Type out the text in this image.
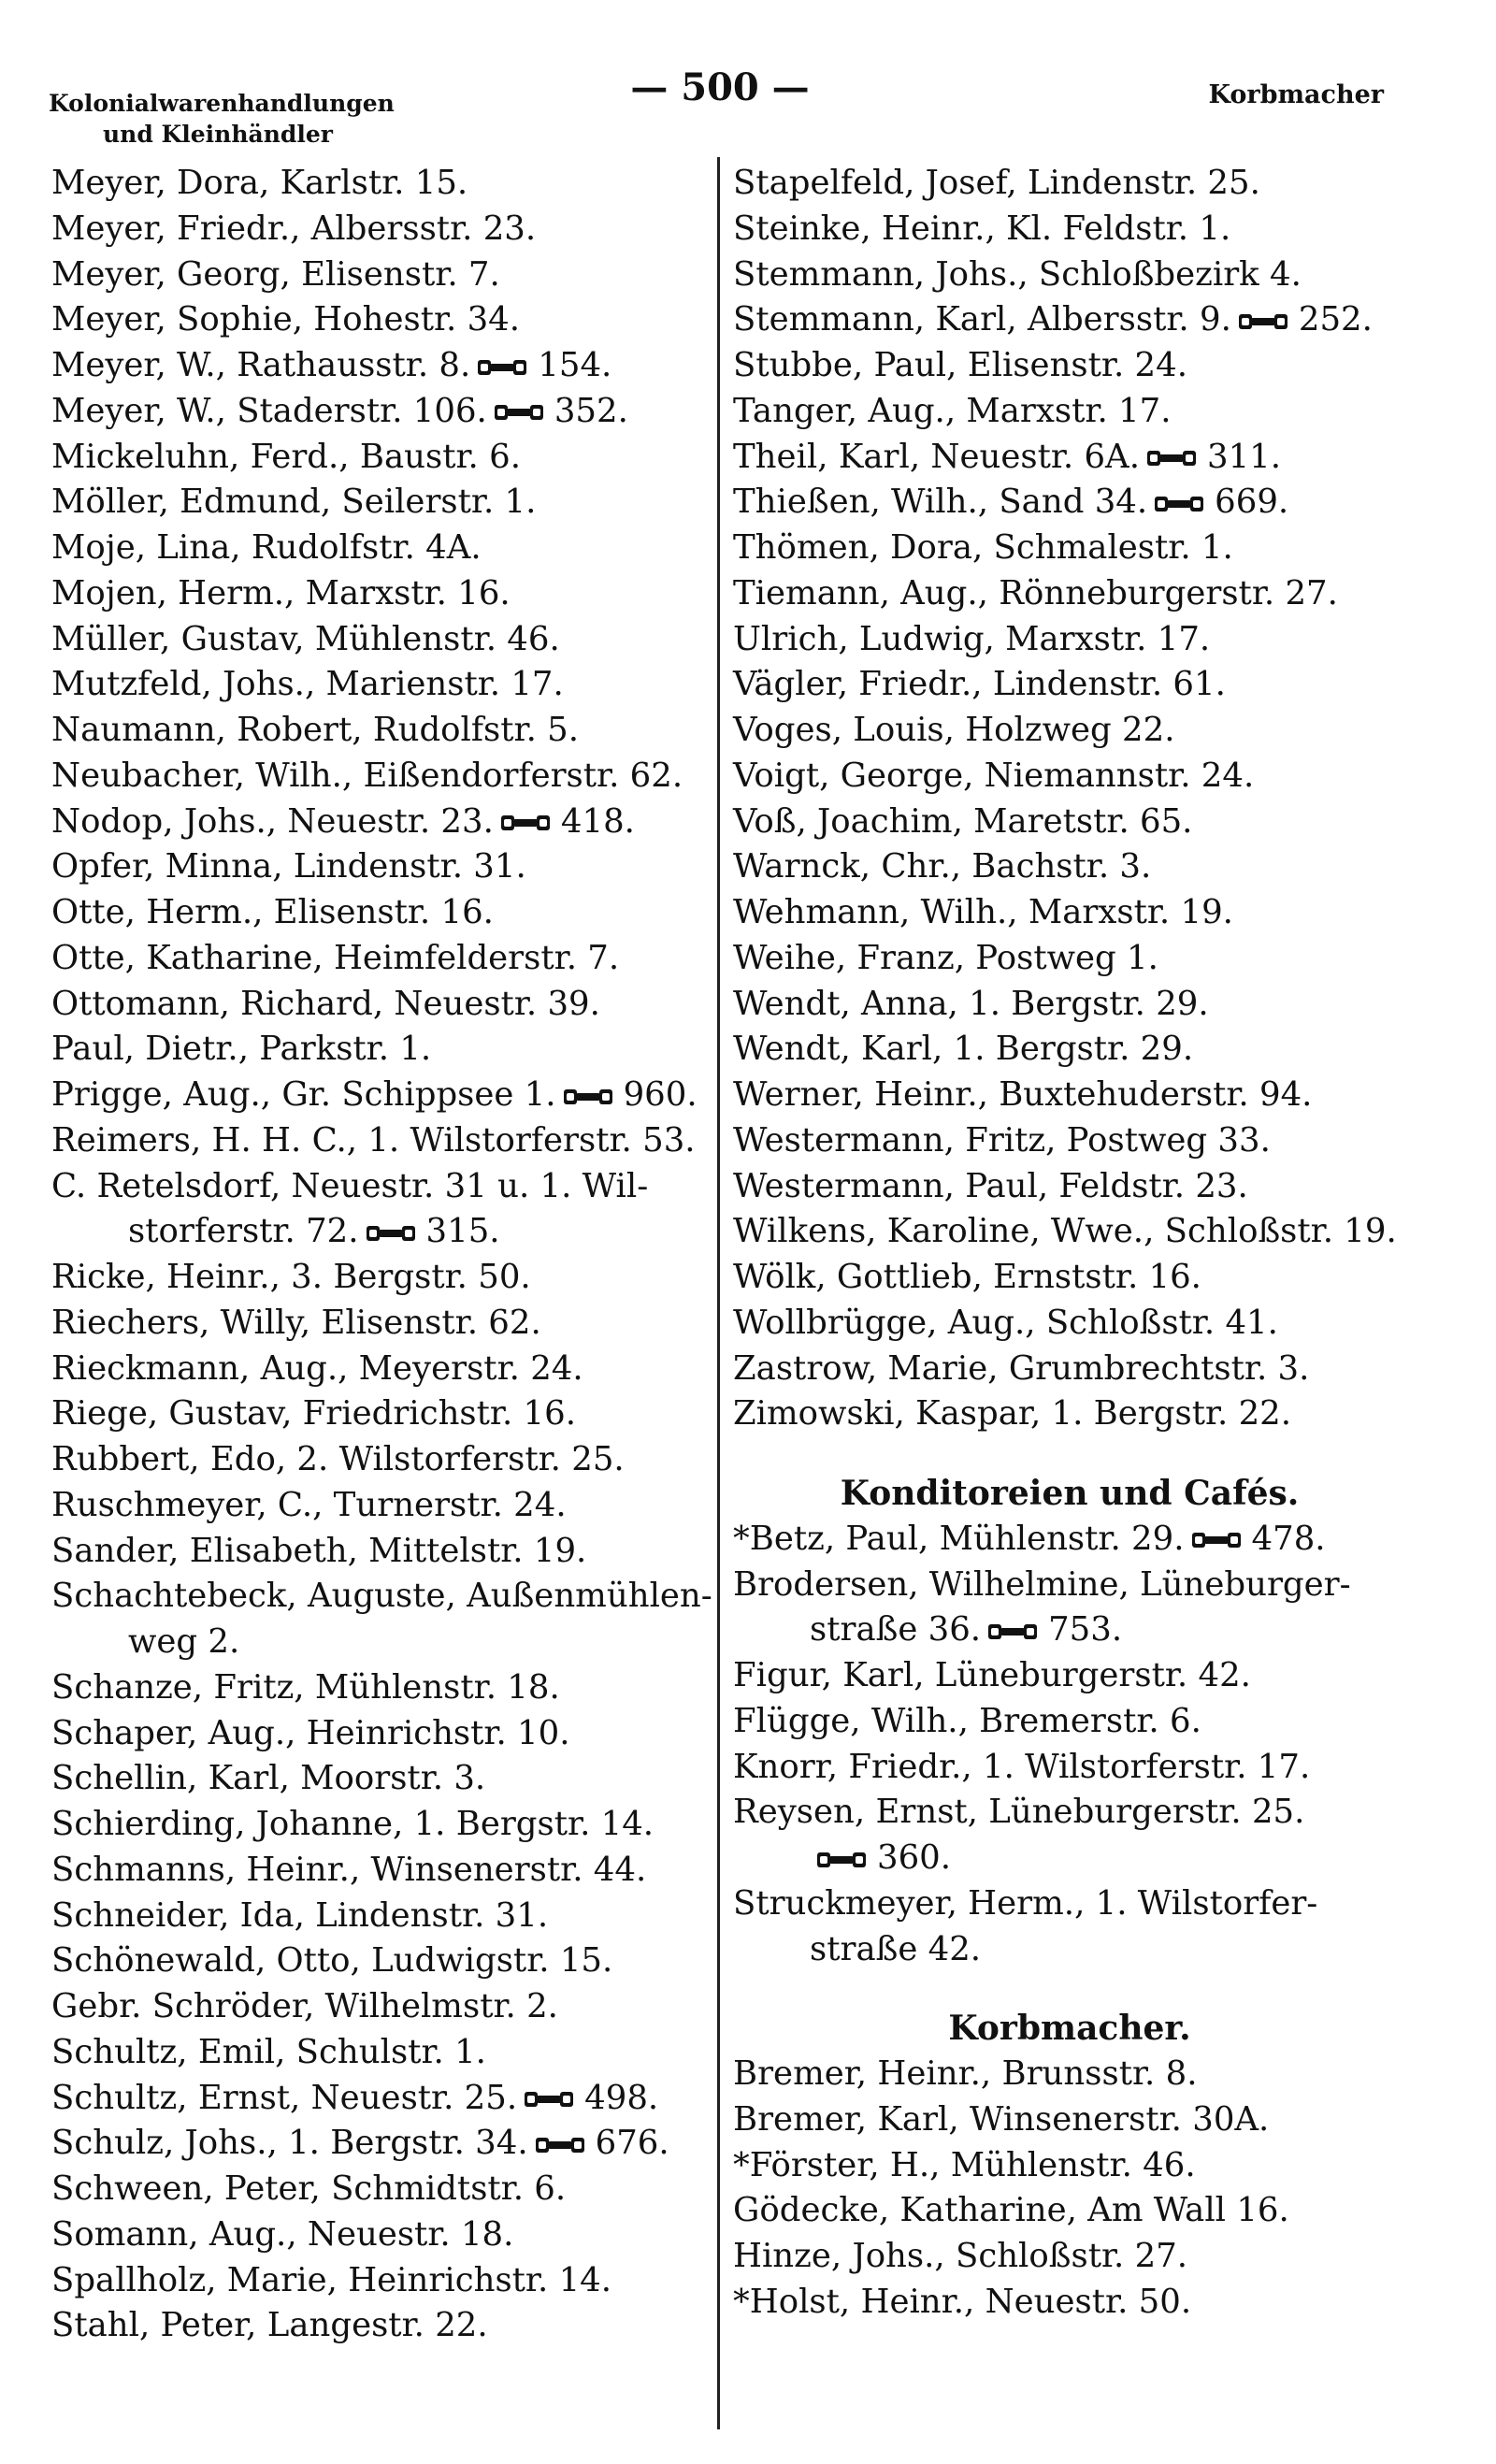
Kolonialwarenhandlungen
und Kleinhändler
— 500 —	Korbmacher
Meyer, Dora, Karlstr. 15.
Meyer, Friedr., Albersstr. 23.
Meyer, Georg, Elisenstr. 7.
Meyer, Sophie, Hohestr. 34.
Meyer, W., Rathausstr. 8. 154.
Meyer, W., Staderstr. 106. 352.
Mickeluhn, Ferd., Baustr. 6.
Möller, Edmund, Seilerstr. 1.
Moje, Lina, Rudolfstr. 4A.
Mojen, Herm., Marxstr. 16.
Müller, Gustav, Mühlenstr. 46.
Mutzfeld, Johs., Marienstr. 17.
Naumann, Robert, Rudolfstr. 5.
Neubacher, Wilh., Eißendorferstr. 62.
Nodop, Johs., Neuestr. 23. 418.
Opfer, Minna, Lindenstr. 31.
Otte, Herm., Elisenstr. 16.
Otte, Katharine, Heimfelderstr. 7.
Ottomann, Richard, Neuestr. 39.
Paul, Dietr., Parkstr. 1.
Prigge, Aug., Gr. Schippsee 1. 960.
Reimers, H. H. C., 1. Wilstorferstr. 53.
C. Retelsdorf, Neuestr. 31 u. 1. Wil-
storferstr. 72. 315.
Ricke, Heinr., 3. Bergstr. 50.
Riechers, Willy, Elisenstr. 62.
Rieckmann, Aug., Meyerstr. 24.
Riege, Gustav, Friedrichstr. 16.
Rubbert, Edo, 2. Wilstorferstr. 25.
Ruschmeyer, C., Turnerstr. 24.
Sander, Elisabeth, Mittelstr. 19.
Schachtebeck, Auguste, Außenmühlen-
weg 2.
Schanze, Fritz, Mühlenstr. 18.
Schaper, Aug., Heinrichstr. 10.
Schellin, Karl, Moorstr. 3.
Schierding, Johanne, 1. Bergstr. 14.
Schmanns, Heinr., Winsenerstr. 44.
Schneider, Ida, Lindenstr. 31.
Schönewald, Otto, Ludwigstr. 15.
Gebr. Schröder, Wilhelmstr. 2.
Schultz, Emil, Schulstr. 1.
Schultz, Ernst, Neuestr. 25. 498.
Schulz, Johs., 1. Bergstr. 34. 676.
Schween, Peter, Schmidtstr. 6.
Somann, Aug., Neuestr. 18.
Spallholz, Marie, Heinrichstr. 14.
Stahl, Peter, Langestr. 22.
Stapelfeld, Josef, Lindenstr. 25.
Steinke, Heinr., Kl. Feldstr. 1.
Stemmann, Johs., Schloßbezirk 4.
Stemmann, Karl, Albersstr. 9. 252.
Stubbe, Paul, Elisenstr. 24.
Tanger, Aug., Marxstr. 17.
Theil, Karl, Neuestr. 6A. 311.
Thießen, Wilh., Sand 34. 669.
Thömen, Dora, Schmalestr. 1.
Tiemann, Aug., Rönneburgerstr. 27.
Ulrich, Ludwig, Marxstr. 17.
Vägler, Friedr., Lindenstr. 61.
Voges, Louis, Holzweg 22.
Voigt, George, Niemannstr. 24.
Voß, Joachim, Maretstr. 65.
Warnck, Chr., Bachstr. 3.
Wehmann, Wilh., Marxstr. 19.
Weihe, Franz, Postweg 1.
Wendt, Anna, 1. Bergstr. 29.
Wendt, Karl, 1. Bergstr. 29.
Werner, Heinr., Buxtehuderstr. 94.
Westermann, Fritz, Postweg 33.
Westermann, Paul, Feldstr. 23.
Wilkens, Karoline, Wwe., Schloßstr. 19.
Wölk, Gottlieb, Ernststr. 16.
Wollbrügge, Aug., Schloßstr. 41.
Zastrow, Marie, Grumbrechtstr. 3.
Zimowski, Kaspar, 1. Bergstr. 22.
Konditoreien und Cafés.
*Betz, Paul, Mühlenstr. 29. 478.
Brodersen, Wilhelmine, Lüneburger-
straße 36. 753.
Figur, Karl, Lüneburgerstr. 42.
Flügge, Wilh., Bremerstr. 6.
Knorr, Friedr., 1. Wilstorferstr. 17.
Reysen, Ernst, Lüneburgerstr. 25.
360.
Struckmeyer, Herm., 1. Wilstorfer-
straße 42.
Korbmacher.
Bremer, Heinr., Brunsstr. 8.
Bremer, Karl, Winsenerstr. 30A.
*Förster, H., Mühlenstr. 46.
Gödecke, Katharine, Am Wall 16.
Hinze, Johs., Schloßstr. 27.
*Holst, Heinr., Neuestr. 50.
